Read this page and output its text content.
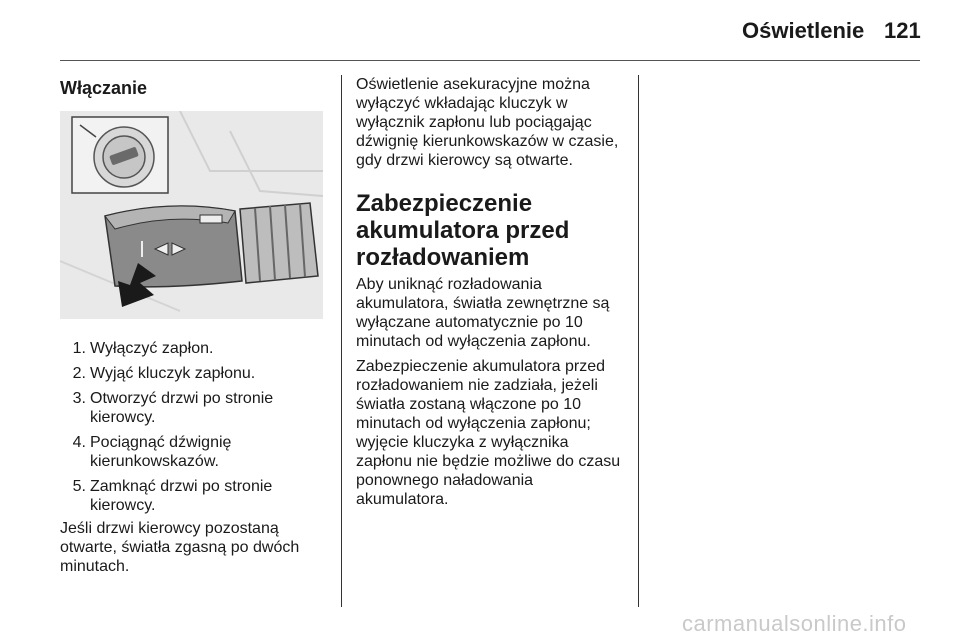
Oświetlenie 121
Włączanie
1. Wyłączyć zapłon.
2. Wyjąć kluczyk zapłonu.
3. Otworzyć drzwi po stronie kierowcy.
4. Pociągnąć dźwignię kierunkowskazów.
5. Zamknąć drzwi po stronie kierowcy.

Jeśli drzwi kierowcy pozostaną otwarte, światła zgasną po dwóch minutach.

Oświetlenie asekuracyjne można wyłączyć wkładając kluczyk w wyłącznik zapłonu lub pociągając dźwignię kierunkowskazów w czasie, gdy drzwi kierowcy są otwarte.

Zabezpieczenie akumulatora przed rozładowaniem

Aby uniknąć rozładowania akumulatora, światła zewnętrzne są wyłączane automatycznie po 10 minutach od wyłączenia zapłonu.

Zabezpieczenie akumulatora przed rozładowaniem nie zadziała, jeżeli światła zostaną włączone po 10 minutach od wyłączenia zapłonu; wyjęcie kluczyka z wyłącznika zapłonu nie będzie możliwe do czasu ponownego naładowania akumulatora.

carmanualsonline.info
